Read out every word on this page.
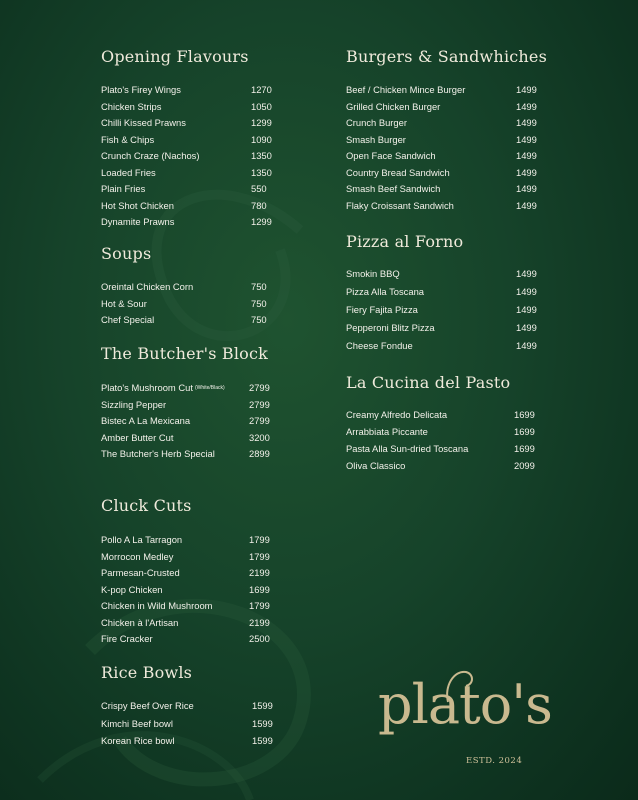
Opening Flavours
Plato's Firey Wings	1270
Chicken Strips	1050
Chilli Kissed Prawns	1299
Fish & Chips	1090
Crunch Craze (Nachos)	1350
Loaded Fries	1350
Plain Fries	550
Hot Shot Chicken	780
Dynamite Prawns	1299
Soups
Oreintal Chicken Corn	750
Hot & Sour	750
Chef Special	750
The Butcher's Block
Plato's Mushroom Cut (White/Black)	2799
Sizzling Pepper	2799
Bistec A La Mexicana	2799
Amber Butter Cut	3200
The Butcher's Herb Special	2899
Cluck Cuts
Pollo A La Tarragon	1799
Morrocon Medley	1799
Parmesan-Crusted	2199
K-pop Chicken	1699
Chicken in Wild Mushroom	1799
Chicken à l'Artisan	2199
Fire Cracker	2500
Rice Bowls
Crispy Beef Over Rice	1599
Kimchi Beef bowl	1599
Korean Rice bowl	1599
Burgers & Sandwhiches
Beef / Chicken Mince Burger	1499
Grilled Chicken Burger	1499
Crunch Burger	1499
Smash Burger	1499
Open Face Sandwich	1499
Country Bread Sandwich	1499
Smash Beef Sandwich	1499
Flaky Croissant Sandwich	1499
Pizza al Forno
Smokin BBQ	1499
Pizza Alla Toscana	1499
Fiery Fajita Pizza	1499
Pepperoni Blitz Pizza	1499
Cheese Fondue	1499
La Cucina del Pasto
Creamy Alfredo Delicata	1699
Arrabbiata Piccante	1699
Pasta Alla Sun-dried Toscana	1699
Oliva Classico	2099
plato's
ESTD. 2024
